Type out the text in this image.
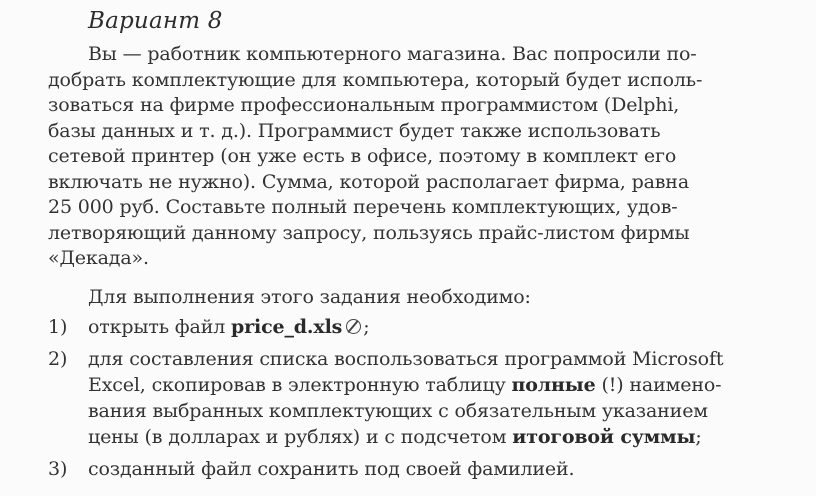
Вариант 8
Вы — работник компьютерного магазина. Вас попросили по-
добрать комплектующие для компьютера, который будет исполь-
зоваться на фирме профессиональным программистом (Delphi,
базы данных и т. д.). Программист будет также использовать
сетевой принтер (он уже есть в офисе, поэтому в комплект его
включать не нужно). Сумма, которой располагает фирма, равна
25 000 руб. Составьте полный перечень комплектующих, удов-
летворяющий данному запросу, пользуясь прайс-листом фирмы
«Декада».
Для выполнения этого задания необходимо:
1)	открыть файл price_d.xls ;
2)	для составления списка воспользоваться программой Microsoft
Excel, скопировав в электронную таблицу полные (!) наимено-
вания выбранных комплектующих с обязательным указанием
цены (в долларах и рублях) и с подсчетом итоговой суммы;
3)	созданный файл сохранить под своей фамилией.
